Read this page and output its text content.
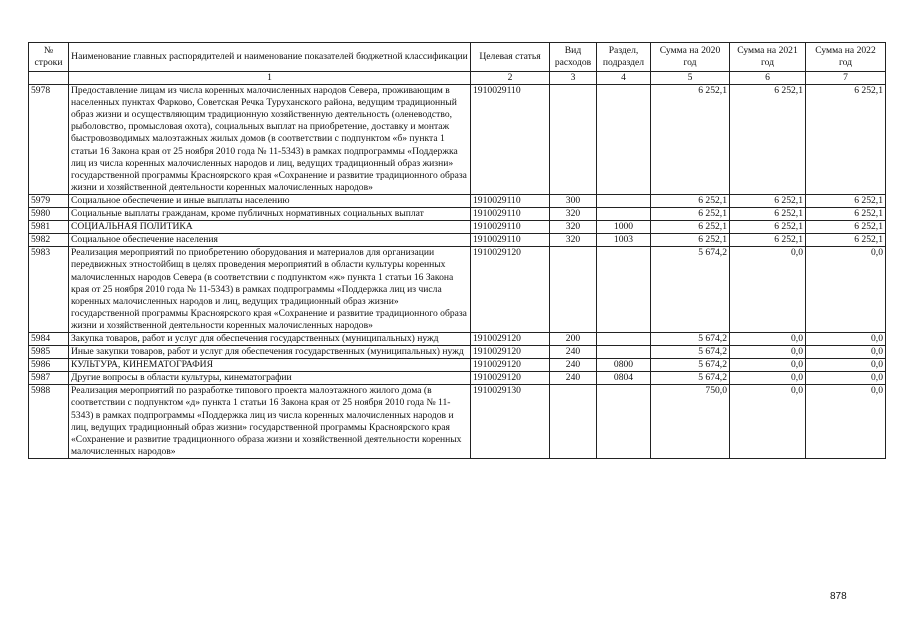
№ строки	Наименование главных распорядителей и наименование показателей бюджетной классификации	Целевая статья	Вид расходов	Раздел, подраздел	Сумма на 2020 год	Сумма на 2021 год	Сумма на 2022 год
	1	2	3	4	5	6	7
5978	Предоставление лицам из числа коренных малочисленных народов Севера, проживающим в населенных пунктах Фарково, Советская Речка Туруханского района, ведущим традиционный образ жизни и осуществляющим традиционную хозяйственную деятельность (оленеводство, рыболовство, промысловая охота), социальных выплат на приобретение, доставку и монтаж быстровозводимых малоэтажных жилых домов (в соответствии с подпунктом «б» пункта 1 статьи 16 Закона края от 25 ноября 2010 года № 11-5343) в рамках подпрограммы «Поддержка лиц из числа коренных малочисленных народов и лиц, ведущих традиционный образ жизни» государственной программы Красноярского края «Сохранение и развитие традиционного образа жизни и хозяйственной деятельности коренных малочисленных народов»	1910029110			6 252,1	6 252,1	6 252,1
5979	Социальное обеспечение и иные выплаты населению	1910029110	300		6 252,1	6 252,1	6 252,1
5980	Социальные выплаты гражданам, кроме публичных нормативных социальных выплат	1910029110	320		6 252,1	6 252,1	6 252,1
5981	СОЦИАЛЬНАЯ ПОЛИТИКА	1910029110	320	1000	6 252,1	6 252,1	6 252,1
5982	Социальное обеспечение населения	1910029110	320	1003	6 252,1	6 252,1	6 252,1
5983	Реализация мероприятий по приобретению оборудования и материалов для организации передвижных этностойбищ в целях проведения мероприятий в области культуры коренных малочисленных народов Севера (в соответствии с подпунктом «ж» пункта 1 статьи 16 Закона края от 25 ноября 2010 года № 11-5343) в рамках подпрограммы «Поддержка лиц из числа коренных малочисленных народов и лиц, ведущих традиционный образ жизни» государственной программы Красноярского края «Сохранение и развитие традиционного образа жизни и хозяйственной деятельности коренных малочисленных народов»	1910029120			5 674,2	0,0	0,0
5984	Закупка товаров, работ и услуг для обеспечения государственных (муниципальных) нужд	1910029120	200		5 674,2	0,0	0,0
5985	Иные закупки товаров, работ и услуг для обеспечения государственных (муниципальных) нужд	1910029120	240		5 674,2	0,0	0,0
5986	КУЛЬТУРА, КИНЕМАТОГРАФИЯ	1910029120	240	0800	5 674,2	0,0	0,0
5987	Другие вопросы в области культуры, кинематографии	1910029120	240	0804	5 674,2	0,0	0,0
5988	Реализация мероприятий по разработке типового проекта малоэтажного жилого дома (в соответствии с подпунктом «д» пункта 1 статьи 16 Закона края от 25 ноября 2010 года № 11-5343) в рамках подпрограммы «Поддержка лиц из числа коренных малочисленных народов и лиц, ведущих традиционный образ жизни» государственной программы Красноярского края «Сохранение и развитие традиционного образа жизни и хозяйственной деятельности коренных малочисленных народов»	1910029130			750,0	0,0	0,0
878
